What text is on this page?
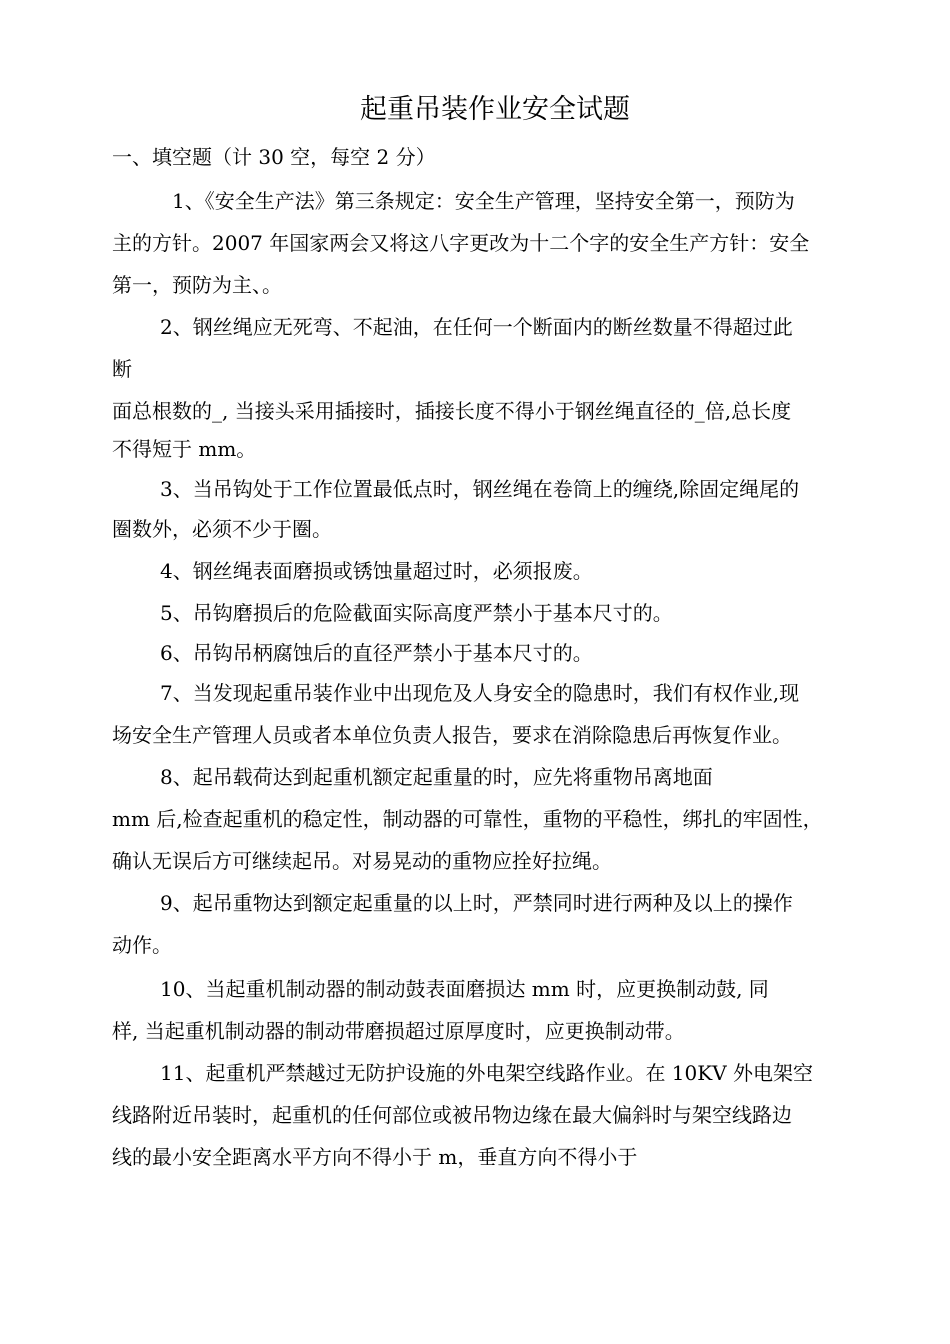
起重吊装作业安全试题
一、填空题（计 30 空，每空 2 分）
1、《安全生产法》第三条规定：安全生产管理，坚持安全第一，预防为
主的方针。2007 年国家两会又将这八字更改为十二个字的安全生产方针：安全
第一，预防为主、。
2、钢丝绳应无死弯、不起油，在任何一个断面内的断丝数量不得超过此
断
面总根数的_, 当接头采用插接时，插接长度不得小于钢丝绳直径的_倍,总长度
不得短于 mm。
3、当吊钩处于工作位置最低点时，钢丝绳在卷筒上的缠绕,除固定绳尾的
圈数外，必须不少于圈。
4、钢丝绳表面磨损或锈蚀量超过时，必须报废。
5、吊钩磨损后的危险截面实际高度严禁小于基本尺寸的。
6、吊钩吊柄腐蚀后的直径严禁小于基本尺寸的。
7、当发现起重吊装作业中出现危及人身安全的隐患时，我们有权作业,现
场安全生产管理人员或者本单位负责人报告，要求在消除隐患后再恢复作业。
8、起吊载荷达到起重机额定起重量的时，应先将重物吊离地面
mm 后,检查起重机的稳定性，制动器的可靠性，重物的平稳性，绑扎的牢固性，
确认无误后方可继续起吊。对易晃动的重物应拴好拉绳。
9、起吊重物达到额定起重量的以上时，严禁同时进行两种及以上的操作
动作。
10、当起重机制动器的制动鼓表面磨损达 mm 时，应更换制动鼓, 同
样, 当起重机制动器的制动带磨损超过原厚度时，应更换制动带。
11、起重机严禁越过无防护设施的外电架空线路作业。在 10KV 外电架空
线路附近吊装时，起重机的任何部位或被吊物边缘在最大偏斜时与架空线路边
线的最小安全距离水平方向不得小于 m，垂直方向不得小于
